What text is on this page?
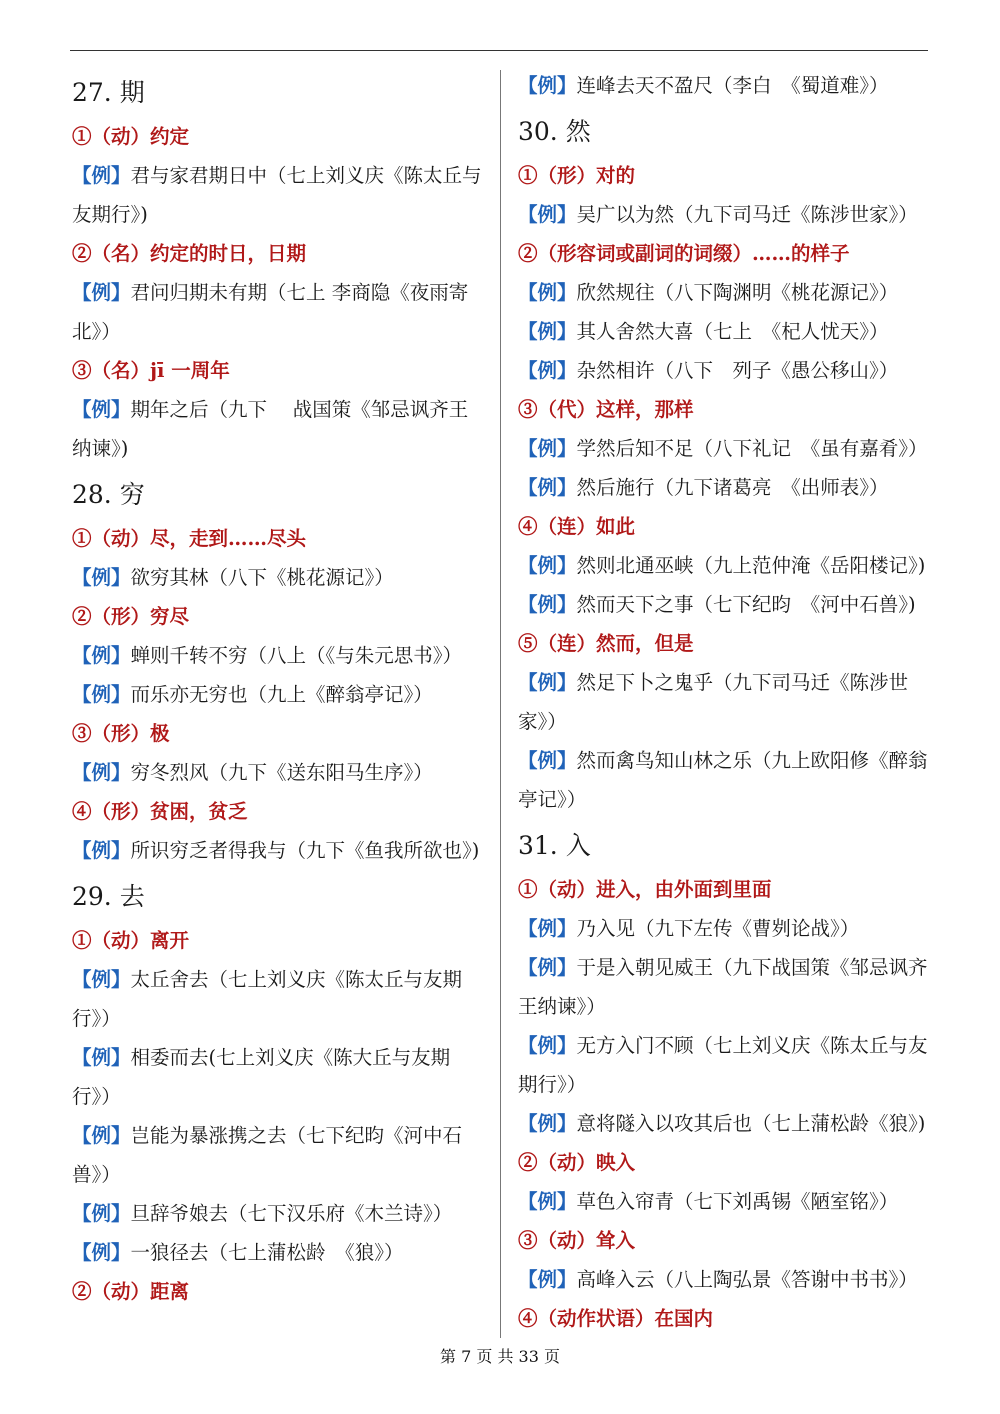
27. 期

①（动）约定

【例】君与家君期日中（七上刘义庆《陈太丘与友期行》)

②（名）约定的时日，日期

【例】君问归期未有期（七上 李商隐《夜雨寄北》）

③（名）jī 一周年

【例】期年之后（九下　 战国策《邹忌讽齐王纳谏》)

28. 穷

①（动）尽，走到……尽头

【例】欲穷其林（八下《桃花源记》）

②（形）穷尽

【例】蝉则千转不穷（八上（《与朱元思书》）

【例】而乐亦无穷也（九上《醉翁亭记》）

③（形）极

【例】穷冬烈风（九下《送东阳马生序》）

④（形）贫困，贫乏

【例】所识穷乏者得我与（九下《鱼我所欲也》)

29. 去

①（动）离开

【例】太丘舍去（七上刘义庆《陈太丘与友期行》）

【例】相委而去(七上刘义庆《陈大丘与友期行》）

【例】岂能为暴涨携之去（七下纪昀《河中石兽》）

【例】旦辞爷娘去（七下汉乐府《木兰诗》）

【例】一狼径去（七上蒲松龄　《狼》）

②（动）距离

【例】连峰去天不盈尺（李白　《蜀道难》）

30. 然

①（形）对的

【例】吴广以为然（九下司马迁《陈涉世家》）

②（形容词或副词的词缀）……的样子

【例】欣然规往（八下陶渊明《桃花源记》）

【例】其人舍然大喜（七上　《杞人忧天》）

【例】杂然相许（八下　列子《愚公移山》）

③（代）这样，那样

【例】学然后知不足（八下礼记　《虽有嘉肴》）

【例】然后施行（九下诸葛亮　《出师表》）

④（连）如此

【例】然则北通巫峡（九上范仲淹《岳阳楼记》)

【例】然而天下之事（七下纪昀　《河中石兽》)

⑤（连）然而，但是

【例】然足下卜之鬼乎（九下司马迁《陈涉世家》）

【例】然而禽鸟知山林之乐（九上欧阳修《醉翁亭记》）

31. 入

①（动）进入，由外面到里面

【例】乃入见（九下左传《曹刿论战》）

【例】于是入朝见威王（九下战国策《邹忌讽齐王纳谏》）

【例】无方入门不顾（七上刘义庆《陈太丘与友期行》）

【例】意将隧入以攻其后也（七上蒲松龄《狼》)

②（动）映入

【例】草色入帘青（七下刘禹锡《陋室铭》）

③（动）耸入

【例】高峰入云（八上陶弘景《答谢中书书》）

④（动作状语）在国内

第 7 页 共 33 页
